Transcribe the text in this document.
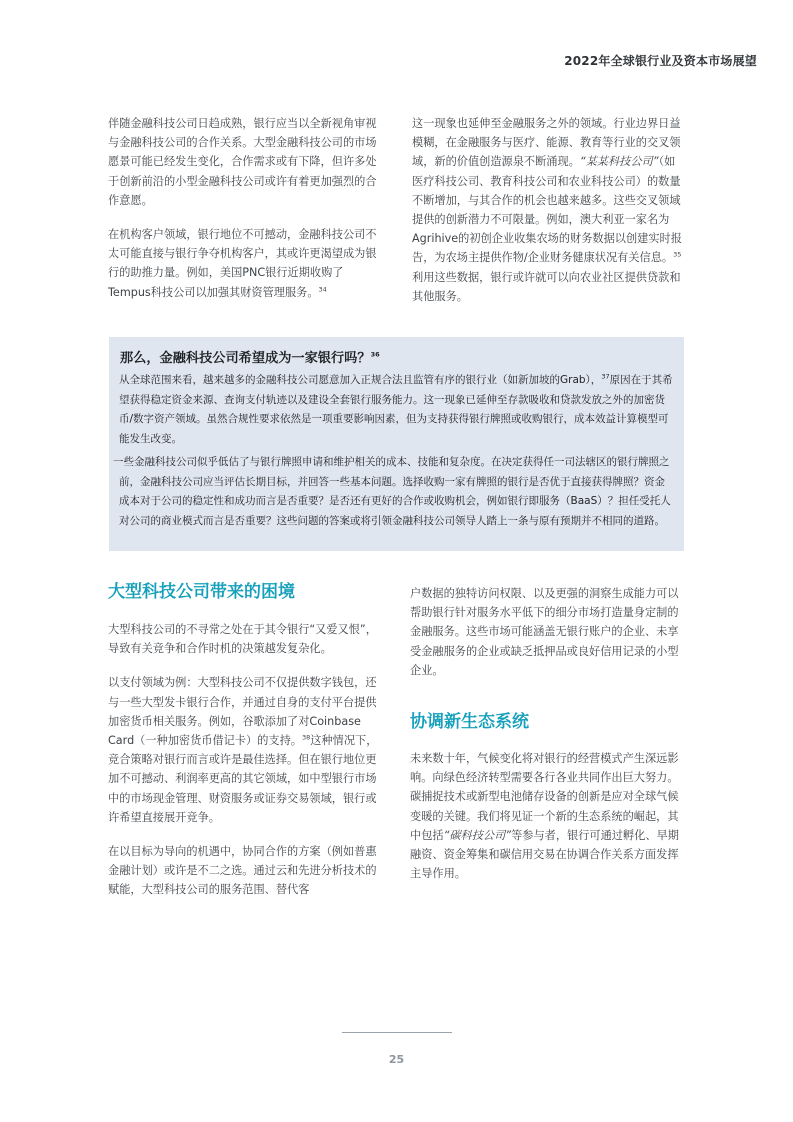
2022年全球银行业及资本市场展望

伴随金融科技公司日趋成熟，银行应当以全新视角审视与金融科技公司的合作关系。大型金融科技公司的市场愿景可能已经发生变化，合作需求或有下降，但许多处于创新前沿的小型金融科技公司或许有着更加强烈的合作意愿。

在机构客户领域，银行地位不可撼动，金融科技公司不太可能直接与银行争夺机构客户，其或许更渴望成为银行的助推力量。例如，美国PNC银行近期收购了Tempus科技公司以加强其财资管理服务。$^{34}$

这一现象也延伸至金融服务之外的领域。行业边界日益模糊，在金融服务与医疗、能源、教育等行业的交叉领域，新的价值创造源泉不断涌现。“某某科技公司”（如医疗科技公司、教育科技公司和农业科技公司）的数量不断增加，与其合作的机会也越来越多。这些交叉领域提供的创新潜力不可限量。例如，澳大利亚一家名为Agrihive的初创企业收集农场的财务数据以创建实时报告，为农场主提供作物/企业财务健康状况有关信息。$^{35}$利用这些数据，银行或许就可以向农业社区提供贷款和其他服务。

那么，金融科技公司希望成为一家银行吗？$^{36}$
从全球范围来看，越来越多的金融科技公司愿意加入正规合法且监管有序的银行业（如新加坡的Grab），$^{37}$原因在于其希望获得稳定资金来源、查询支付轨迹以及建设全套银行服务能力。这一现象已延伸至存款吸收和贷款发放之外的加密货币/数字资产领域。虽然合规性要求依然是一项重要影响因素，但为支持获得银行牌照或收购银行，成本效益计算模型可能发生改变。
一些金融科技公司似乎低估了与银行牌照申请和维护相关的成本、技能和复杂度。在决定获得任一司法辖区的银行牌照之前，金融科技公司应当评估长期目标，并回答一些基本问题。选择收购一家有牌照的银行是否优于直接获得牌照？资金成本对于公司的稳定性和成功而言是否重要？是否还有更好的合作或收购机会，例如银行即服务（BaaS）？担任受托人对公司的商业模式而言是否重要？这些问题的答案或将引领金融科技公司领导人踏上一条与原有预期并不相同的道路。
大型科技公司带来的困境

大型科技公司的不寻常之处在于其令银行“又爱又恨”，导致有关竞争和合作时机的决策越发复杂化。

以支付领域为例：大型科技公司不仅提供数字钱包，还与一些大型发卡银行合作，并通过自身的支付平台提供加密货币相关服务。例如，谷歌添加了对Coinbase Card（一种加密货币借记卡）的支持。$^{38}$这种情况下，竞合策略对银行而言或许是最佳选择。但在银行地位更加不可撼动、利润率更高的其它领域，如中型银行市场中的市场现金管理、财资服务或证券交易领域，银行或许希望直接展开竞争。

在以目标为导向的机遇中，协同合作的方案（例如普惠金融计划）或许是不二之选。通过云和先进分析技术的赋能，大型科技公司的服务范围、替代客

户数据的独特访问权限、以及更强的洞察生成能力可以帮助银行针对服务水平低下的细分市场打造量身定制的金融服务。这些市场可能涵盖无银行账户的企业、未享受金融服务的企业或缺乏抵押品或良好信用记录的小型企业。

协调新生态系统

未来数十年，气候变化将对银行的经营模式产生深远影响。向绿色经济转型需要各行各业共同作出巨大努力。碳捕捉技术或新型电池储存设备的创新是应对全球气候变暖的关键。我们将见证一个新的生态系统的崛起，其中包括“碳科技公司”等参与者，银行可通过孵化、早期融资、资金筹集和碳信用交易在协调合作关系方面发挥主导作用。

25
